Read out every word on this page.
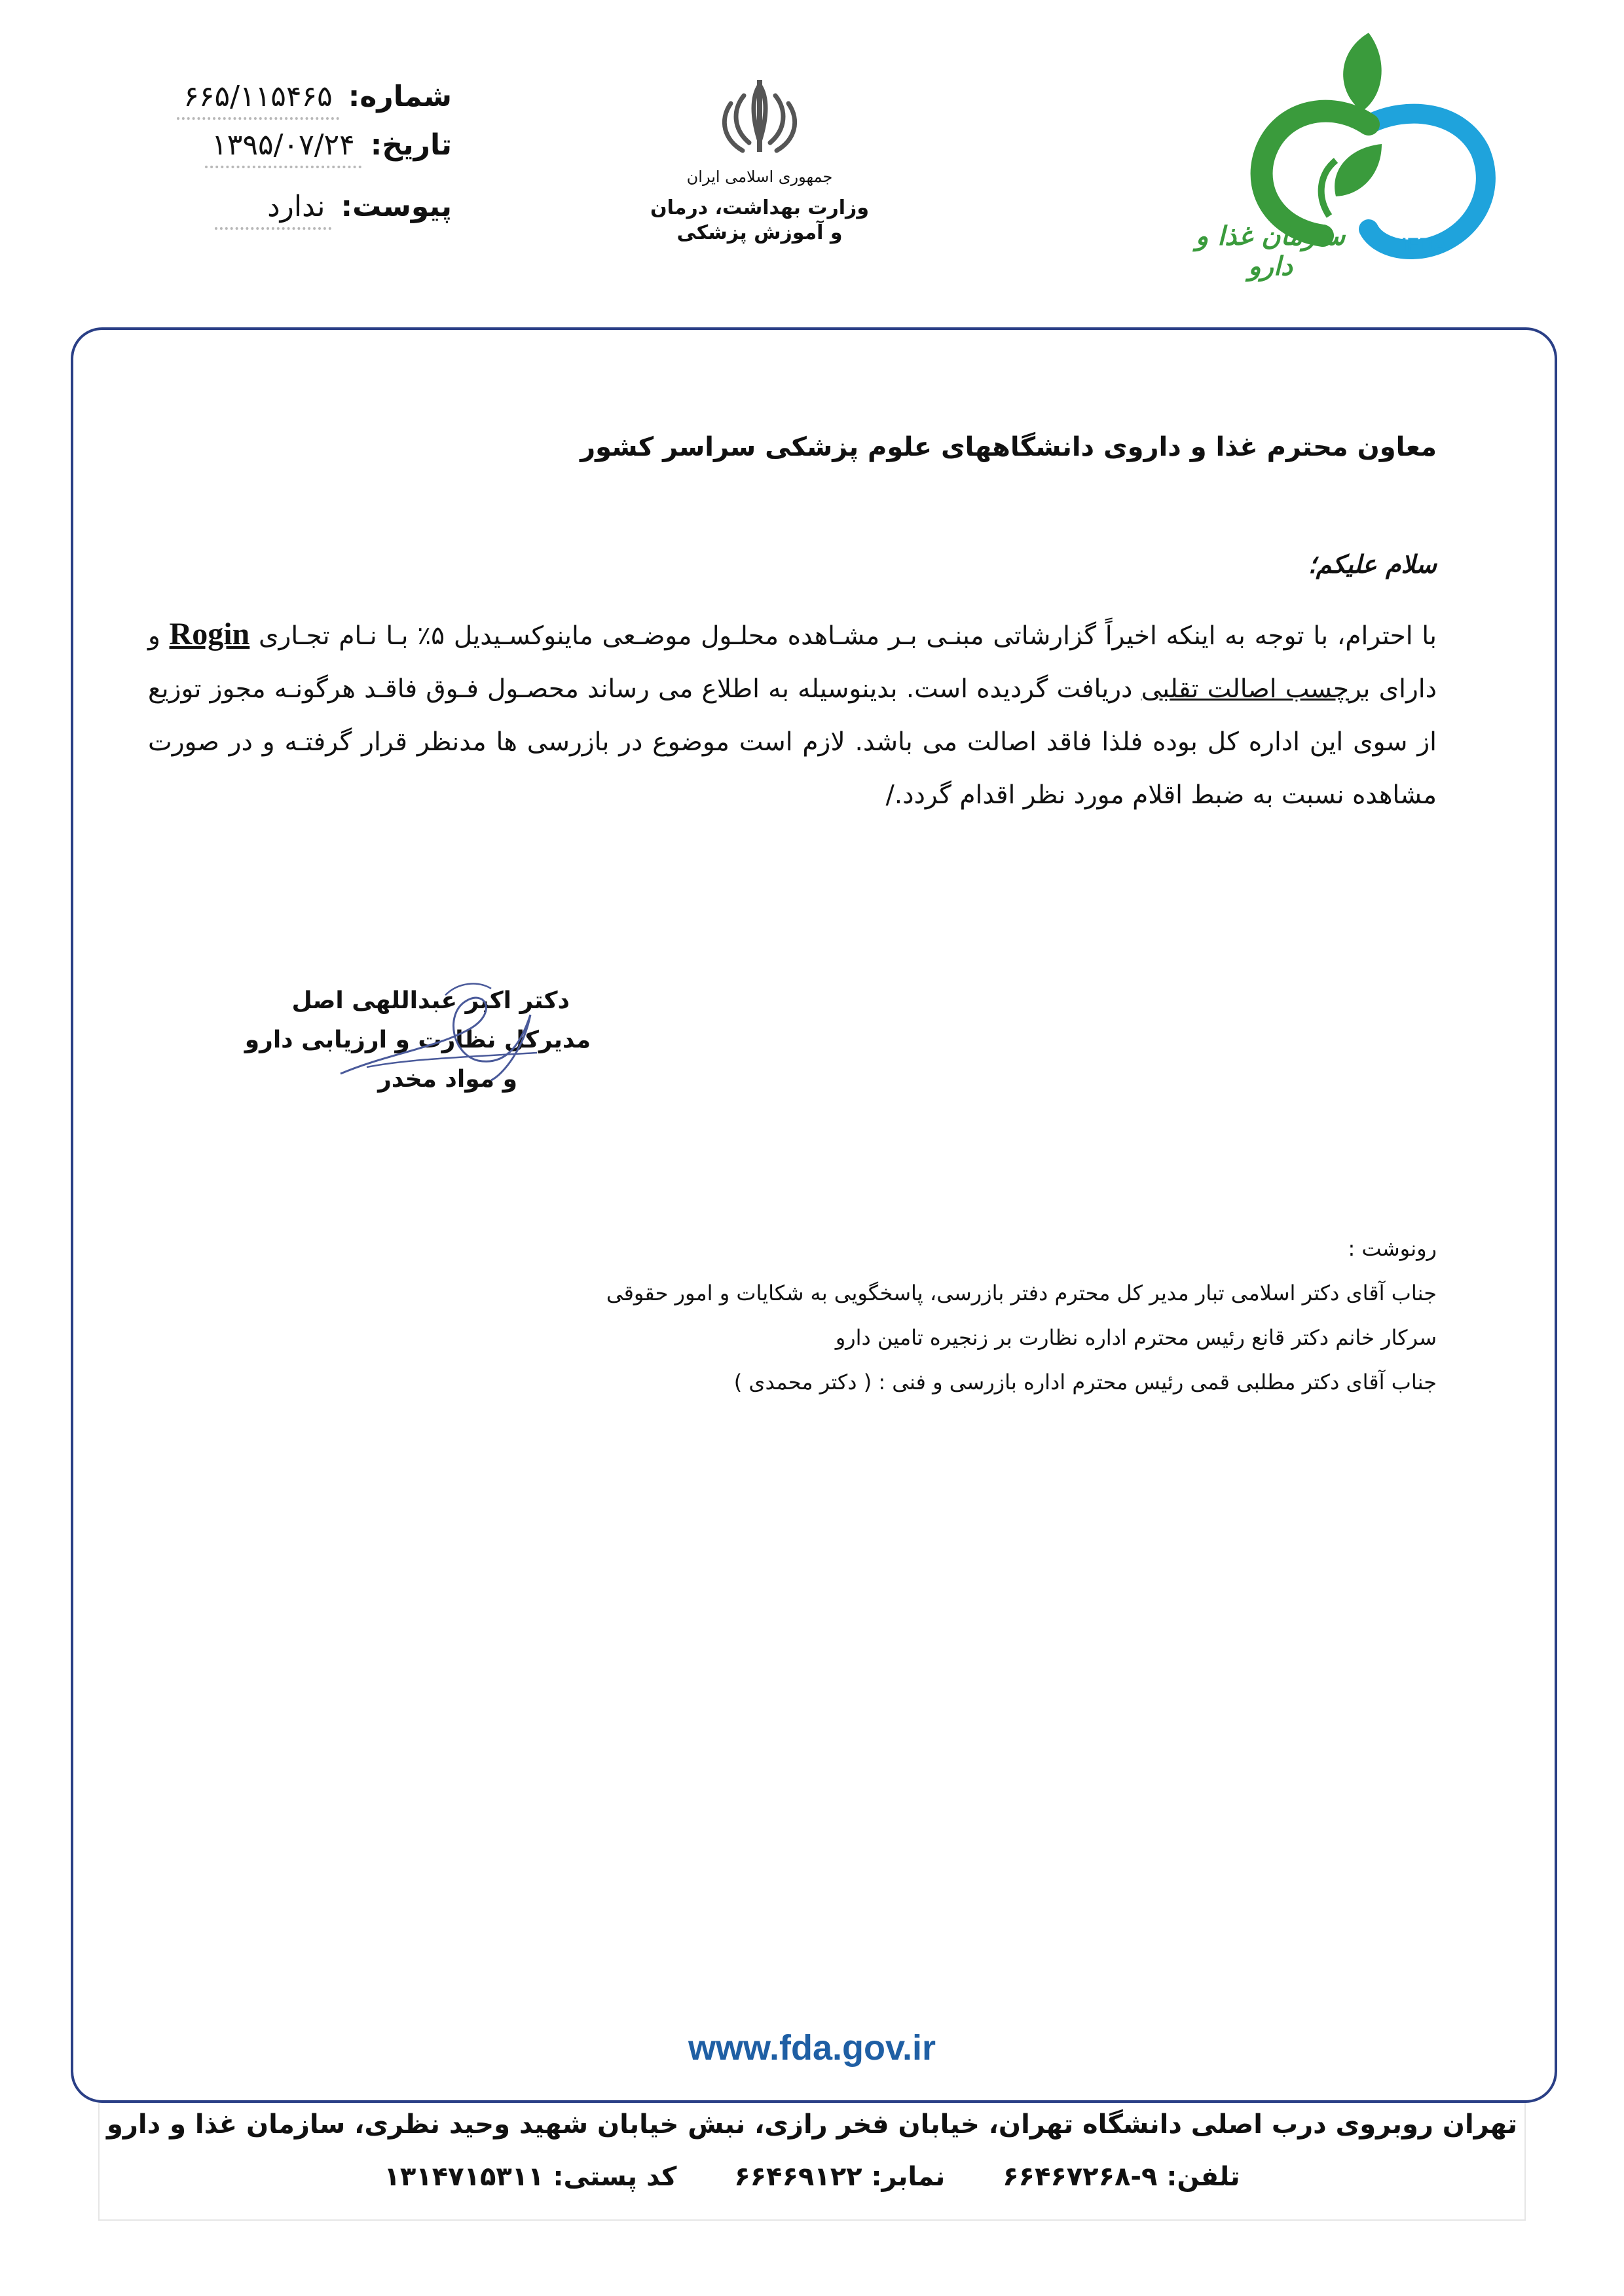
شماره:
۶۶۵/۱۱۵۴۶۵
تاریخ:
۱۳۹۵/۰۷/۲۴
پیوست:
ندارد
جمهوری اسلامی ایران
وزارت بهداشت، درمان
و آموزش پزشکی	سازمان غذا و دارو
IFDA
معاون محترم غذا و داروی دانشگاههای علوم پزشکی سراسر کشور
سلام علیکم؛
با احترام، با توجه به اینکه اخیراً گزارشاتی مبنـی بـر مشـاهده محلـول موضـعی ماینوکسـیدیل ۵٪ بـا نـام تجـاری Rogin و دارای برچسب اصالت تقلبی دریافت گردیده است. بدینوسیله به اطلاع می رساند محصـول فـوق فاقـد هرگونـه مجوز توزیع از سوی این اداره کل بوده فلذا فاقد اصالت می باشد. لازم است موضوع در بازرسی ها مدنظر قرار گرفتـه و در صورت مشاهده نسبت به ضبط اقلام مورد نظر اقدام گردد./
دکتر اکبر عبداللهی اصل
مدیرکل نظارت و ارزیابی دارو
و مواد مخدر
رونوشت :
جناب آقای دکتر اسلامی تبار مدیر کل محترم دفتر بازرسی، پاسخگویی به شکایات و امور حقوقی
سرکار خانم دکتر قانع رئیس محترم اداره نظارت بر زنجیره تامین دارو
جناب آقای دکتر مطلبی قمی رئیس محترم اداره بازرسی و فنی : ( دکتر محمدی )
www.fda.gov.ir
تهران روبروی درب اصلی دانشگاه تهران، خیابان فخر رازی، نبش خیابان شهید وحید نظری، سازمان غذا و دارو
تلفن: ۹-۶۶۴۶۷۲۶۸  نمابر: ۶۶۴۶۹۱۲۲  کد پستی: ۱۳۱۴۷۱۵۳۱۱
